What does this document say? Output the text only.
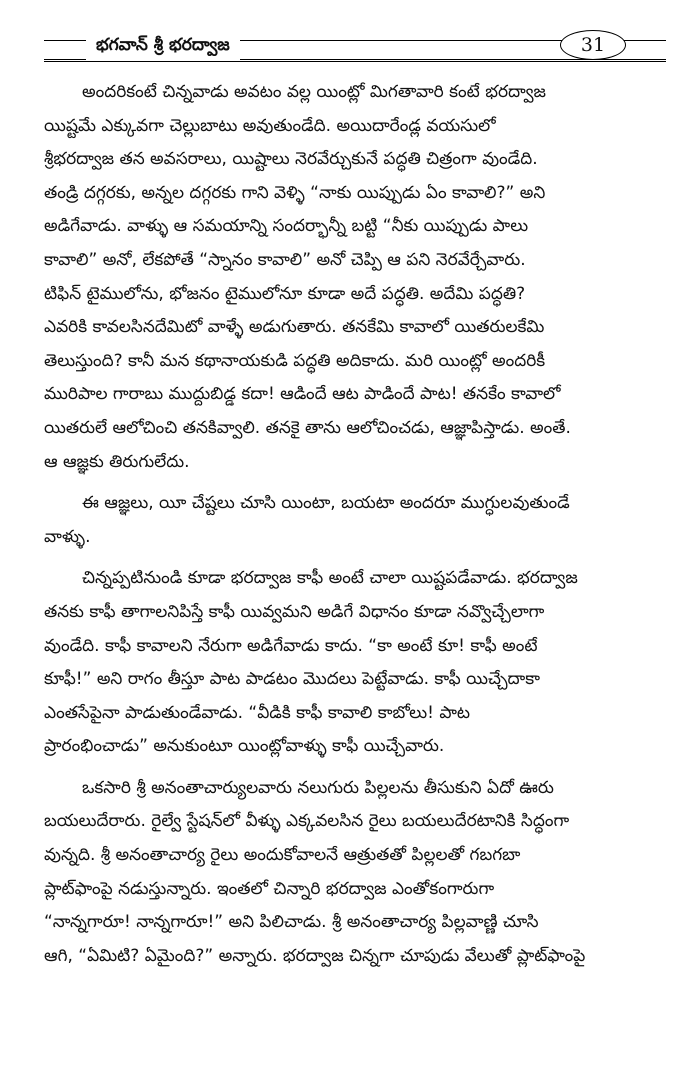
భగవాన్ శ్రీ భరద్వాజ	31

అందరికంటే చిన్నవాడు అవటం వల్ల యింట్లో మిగతావారి కంటే భరద్వాజ
యిష్టమే ఎక్కువగా చెల్లుబాటు అవుతుండేది. అయిదారేండ్ల వయసులో
శ్రీభరద్వాజ తన అవసరాలు, యిష్టాలు నెరవేర్చుకునే పద్ధతి చిత్రంగా వుండేది.
తండ్రి దగ్గరకు, అన్నల దగ్గరకు గాని వెళ్ళి “నాకు యిప్పుడు ఏం కావాలి?” అని
అడిగేవాడు. వాళ్ళు ఆ సమయాన్ని సందర్భాన్నీ బట్టి “నీకు యిప్పుడు పాలు
కావాలి” అనో, లేకపోతే “స్నానం కావాలి” అనో చెప్పి ఆ పని నెరవేర్చేవారు.
టిఫిన్ టైములోను, భోజనం టైములోనూ కూడా అదే పద్ధతి. అదేమి పద్ధతి?
ఎవరికి కావలసినదేమిటో వాళ్ళే అడుగుతారు. తనకేమి కావాలో యితరులకేమి
తెలుస్తుంది? కానీ మన కథానాయకుడి పద్ధతి అదికాదు. మరి యింట్లో అందరికీ
మురిపాల గారాబు ముద్దుబిడ్డ కదా! ఆడిందే ఆట పాడిందే పాట! తనకేం కావాలో
యితరులే ఆలోచించి తనకివ్వాలి. తనకై తాను ఆలోచించడు, ఆజ్ఞాపిస్తాడు. అంతే.
ఆ ఆజ్ఞకు తిరుగులేదు.

ఈ ఆజ్ఞలు, యీ చేష్టలు చూసి యింటా, బయటా అందరూ ముగ్ధులవుతుండే
వాళ్ళు.

చిన్నప్పటినుండి కూడా భరద్వాజ కాఫీ అంటే చాలా యిష్టపడేవాడు. భరద్వాజ
తనకు కాఫీ తాగాలనిపిస్తే కాఫీ యివ్వమని అడిగే విధానం కూడా నవ్వొచ్చేలాగా
వుండేది. కాఫీ కావాలని నేరుగా అడిగేవాడు కాదు. “కా అంటే కూ! కాఫీ అంటే
కూఫీ!” అని రాగం తీస్తూ పాట పాడటం మొదలు పెట్టేవాడు. కాఫీ యిచ్చేదాకా
ఎంతసేపైనా పాడుతుండేవాడు. “వీడికి కాఫీ కావాలి కాబోలు! పాట
ప్రారంభించాడు” అనుకుంటూ యింట్లోవాళ్ళు కాఫీ యిచ్చేవారు.

ఒకసారి శ్రీ అనంతాచార్యులవారు నలుగురు పిల్లలను తీసుకుని ఏదో ఊరు
బయలుదేరారు. రైల్వే స్టేషన్‌లో వీళ్ళు ఎక్కవలసిన రైలు బయలుదేరటానికి సిద్ధంగా
వున్నది. శ్రీ అనంతాచార్య రైలు అందుకోవాలనే ఆత్రుతతో పిల్లలతో గబగబా
ప్లాట్‌ఫాంపై నడుస్తున్నారు. ఇంతలో చిన్నారి భరద్వాజ ఎంతోకంగారుగా
“నాన్నగారూ! నాన్నగారూ!” అని పిలిచాడు. శ్రీ అనంతాచార్య పిల్లవాణ్ణి చూసి
ఆగి, “ఏమిటి? ఏమైంది?” అన్నారు. భరద్వాజ చిన్నగా చూపుడు వేలుతో ప్లాట్‌ఫాంపై
